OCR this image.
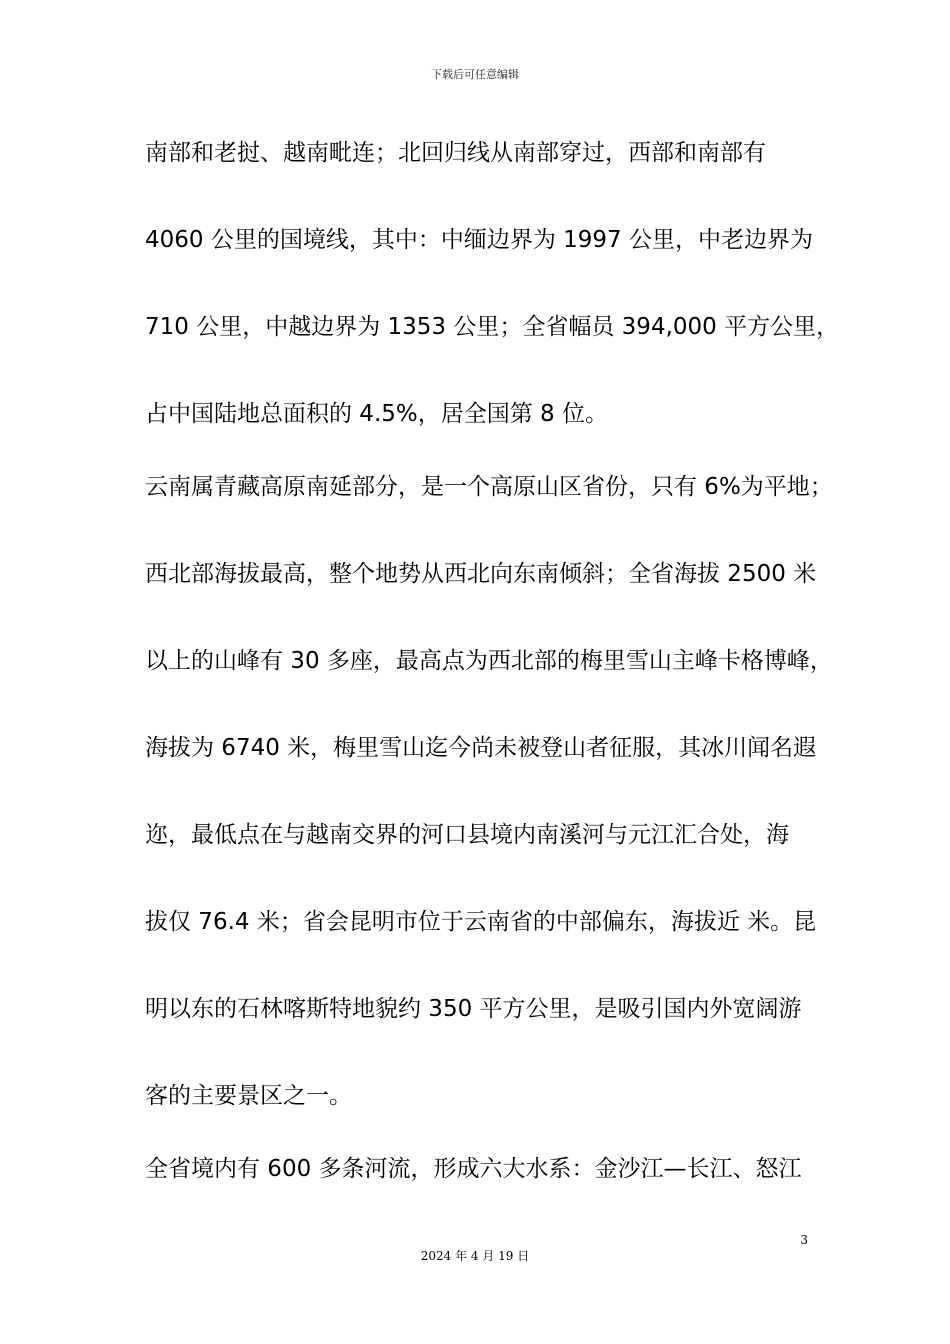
下载后可任意编辑
南部和老挝、越南毗连；北回归线从南部穿过，西部和南部有
4060 公里的国境线，其中：中缅边界为 1997 公里，中老边界为
710 公里，中越边界为 1353 公里；全省幅员 394,000 平方公里，
占中国陆地总面积的 4.5%，居全国第 8 位。
云南属青藏高原南延部分，是一个高原山区省份，只有 6%为平地；
西北部海拔最高，整个地势从西北向东南倾斜；全省海拔 2500 米
以上的山峰有 30 多座，最高点为西北部的梅里雪山主峰卡格博峰，
海拔为 6740 米，梅里雪山迄今尚未被登山者征服，其冰川闻名遐
迩，最低点在与越南交界的河口县境内南溪河与元江汇合处，海
拔仅 76.4 米；省会昆明市位于云南省的中部偏东，海拔近 米。昆
明以东的石林喀斯特地貌约 350 平方公里，是吸引国内外宽阔游
客的主要景区之一。
全省境内有 600 多条河流，形成六大水系：金沙江—长江、怒江
3
2024 年 4 月 19 日
